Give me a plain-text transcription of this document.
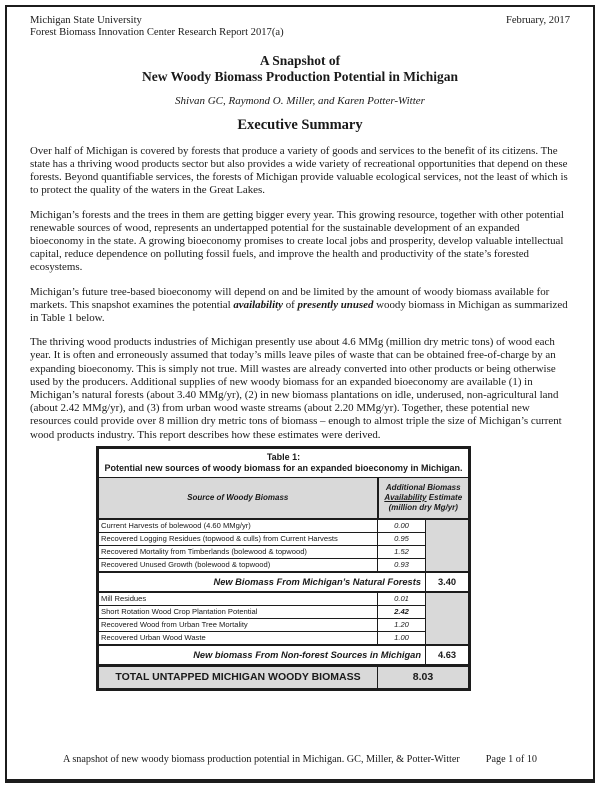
Michigan State University
Forest Biomass Innovation Center Research Report 2017(a)
February, 2017
A Snapshot of
New Woody Biomass Production Potential in Michigan
Shivan GC, Raymond O. Miller, and Karen Potter-Witter
Executive Summary

Over half of Michigan is covered by forests that produce a variety of goods and services to the benefit of its citizens. The state has a thriving wood products sector but also provides a wide variety of recreational opportunities that depend on these forests. Beyond quantifiable services, the forests of Michigan provide valuable ecological services, not the least of which is to protect the quality of the waters in the Great Lakes.

Michigan’s forests and the trees in them are getting bigger every year. This growing resource, together with other potential renewable sources of wood, represents an undertapped potential for the sustainable development of an expanded bioeconomy in the state. A growing bioeconomy promises to create local jobs and prosperity, develop valuable intellectual capital, reduce dependence on polluting fossil fuels, and improve the health and productivity of the state’s forested ecosystems.

Michigan’s future tree-based bioeconomy will depend on and be limited by the amount of woody biomass available for markets. This snapshot examines the potential availability of presently unused woody biomass in Michigan as summarized in Table 1 below.

The thriving wood products industries of Michigan presently use about 4.6 MMg (million dry metric tons) of wood each year. It is often and erroneously assumed that today’s mills leave piles of waste that can be obtained free-of-charge by an expanding bioeconomy. This is simply not true. Mill wastes are already converted into other products or being otherwise used by the producers. Additional supplies of new woody biomass for an expanded bioeconomy are available (1) in Michigan’s natural forests (about 3.40 MMg/yr), (2) in new biomass plantations on idle, underused, non-agricultural land (about 2.42 MMg/yr), and (3) from urban wood waste streams (about 2.20 MMg/yr). Together, these potential new resources could provide over 8 million dry metric tons of biomass – enough to almost triple the size of Michigan’s current wood products industry. This report describes how these estimates were derived.

Table 1:
Potential new sources of woody biomass for an expanded bioeconomy in Michigan.		

Source of Woody Biomass	Additional Biomass
Availability Estimate
(million dry Mg/yr)	

Current Harvests of bolewood (4.60 MMg/yr)	0.00	
Recovered Logging Residues (topwood & culls) from Current Harvests	0.95	
Recovered Mortality from Timberlands (bolewood & topwood)	1.52	
Recovered Unused Growth (bolewood & topwood)	0.93	
New Biomass From Michigan’s Natural Forests		3.40
Mill Residues	0.01	
Short Rotation Wood Crop Plantation Potential	2.42	
Recovered Wood from Urban Tree Mortality	1.20	
Recovered Urban Wood Waste	1.00	
New biomass From Non-forest Sources in Michigan		4.63
TOTAL UNTAPPED MICHIGAN WOODY BIOMASS	8.03	
A snapshot of new woody biomass production potential in Michigan. GC, Miller, & Potter-Witter	Page 1 of 10
